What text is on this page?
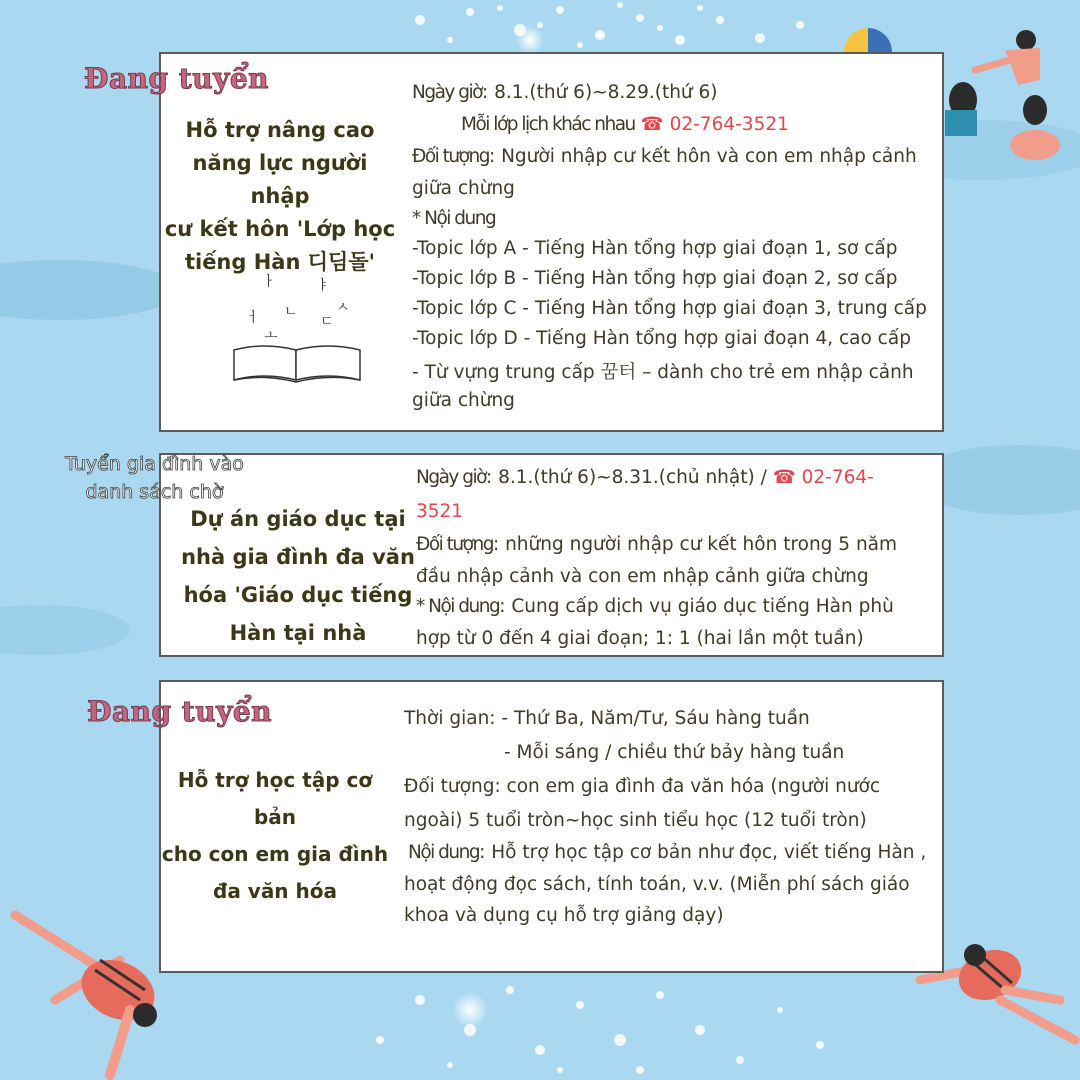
Đang tuyển
Hỗ trợ nâng cao
năng lực người nhập
cư kết hôn 'Lớp học
tiếng Hàn 디딤돌'
ㅏ	ㅑ
ㅅ
ㄴ
ㄷ
ㅓ
ㅗ
Ngày giờ: 8.1.(thứ 6)~8.29.(thứ 6)
Mỗi lớp lịch khác nhau ☎ 02-764-3521
Đối tượng: Người nhập cư kết hôn và con em nhập cảnh
giữa chừng
* Nội dung
-Topic lớp A - Tiếng Hàn tổng hợp giai đoạn 1, sơ cấp
-Topic lớp B - Tiếng Hàn tổng hợp giai đoạn 2, sơ cấp
-Topic lớp C - Tiếng Hàn tổng hợp giai đoạn 3, trung cấp
-Topic lớp D - Tiếng Hàn tổng hợp giai đoạn 4, cao cấp
- Từ vựng trung cấp 꿈터 – dành cho trẻ em nhập cảnh
giữa chừng
Tuyển gia đình vào
danh sách chờ
Dự án giáo dục tại
nhà gia đình đa văn
hóa 'Giáo dục tiếng
Hàn tại nhà
Ngày giờ: 8.1.(thứ 6)~8.31.(chủ nhật) / ☎ 02-764-
3521
Đối tượng: những người nhập cư kết hôn trong 5 năm
đầu nhập cảnh và con em nhập cảnh giữa chừng
* Nội dung: Cung cấp dịch vụ giáo dục tiếng Hàn phù
hợp từ 0 đến 4 giai đoạn; 1: 1 (hai lần một tuần)
Đang tuyển
Hỗ trợ học tập cơ bản
cho con em gia đình
đa văn hóa
Thời gian: - Thứ Ba, Năm/Tư, Sáu hàng tuần
- Mỗi sáng / chiều thứ bảy hàng tuần
Đối tượng: con em gia đình đa văn hóa (người nước
ngoài) 5 tuổi tròn~học sinh tiểu học (12 tuổi tròn)
Nội dung: Hỗ trợ học tập cơ bản như đọc, viết tiếng Hàn ,
hoạt động đọc sách, tính toán, v.v. (Miễn phí sách giáo
khoa và dụng cụ hỗ trợ giảng dạy)
